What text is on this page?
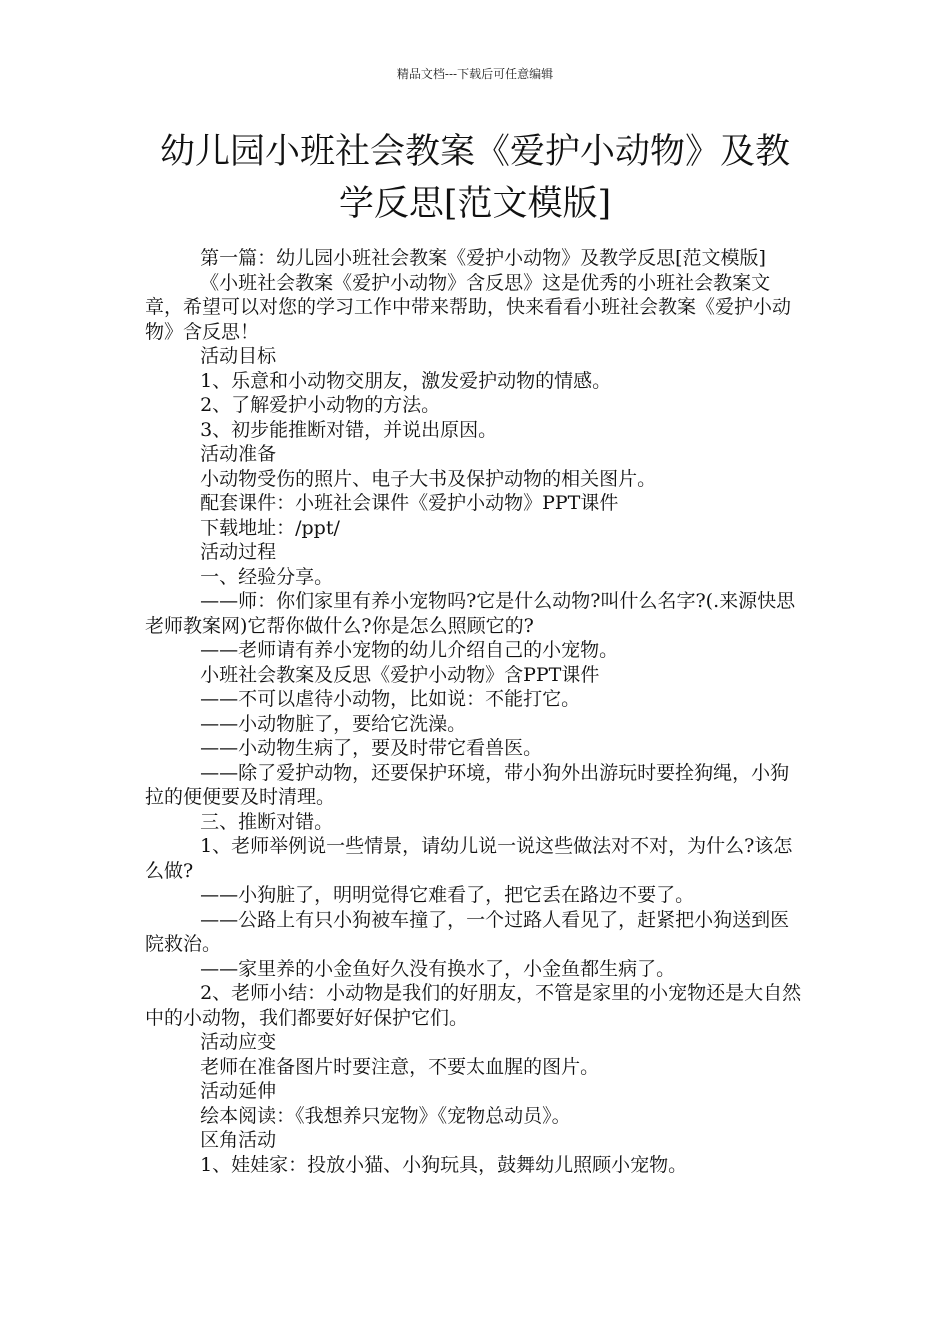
精品文档---下载后可任意编辑
幼儿园小班社会教案《爱护小动物》及教学反思[范文模版]

第一篇：幼儿园小班社会教案《爱护小动物》及教学反思[范文模版]

《小班社会教案《爱护小动物》含反思》这是优秀的小班社会教案文章，希望可以对您的学习工作中带来帮助，快来看看小班社会教案《爱护小动物》含反思！

活动目标

1、乐意和小动物交朋友，激发爱护动物的情感。

2、了解爱护小动物的方法。

3、初步能推断对错，并说出原因。

活动准备

小动物受伤的照片、电子大书及保护动物的相关图片。

配套课件：小班社会课件《爱护小动物》PPT课件

下载地址：/ppt/

活动过程

一、经验分享。

——师：你们家里有养小宠物吗?它是什么动物?叫什么名字?(.来源快思老师教案网)它帮你做什么?你是怎么照顾它的?

——老师请有养小宠物的幼儿介绍自己的小宠物。

小班社会教案及反思《爱护小动物》含PPT课件

——不可以虐待小动物，比如说：不能打它。

——小动物脏了，要给它洗澡。

——小动物生病了，要及时带它看兽医。

——除了爱护动物，还要保护环境，带小狗外出游玩时要拴狗绳，小狗拉的便便要及时清理。

三、推断对错。

1、老师举例说一些情景，请幼儿说一说这些做法对不对，为什么?该怎么做?

——小狗脏了，明明觉得它难看了，把它丢在路边不要了。

——公路上有只小狗被车撞了，一个过路人看见了，赶紧把小狗送到医院救治。

——家里养的小金鱼好久没有换水了，小金鱼都生病了。

2、老师小结：小动物是我们的好朋友，不管是家里的小宠物还是大自然中的小动物，我们都要好好保护它们。

活动应变

老师在准备图片时要注意，不要太血腥的图片。

活动延伸

绘本阅读：《我想养只宠物》《宠物总动员》。

区角活动

1、娃娃家：投放小猫、小狗玩具，鼓舞幼儿照顾小宠物。
